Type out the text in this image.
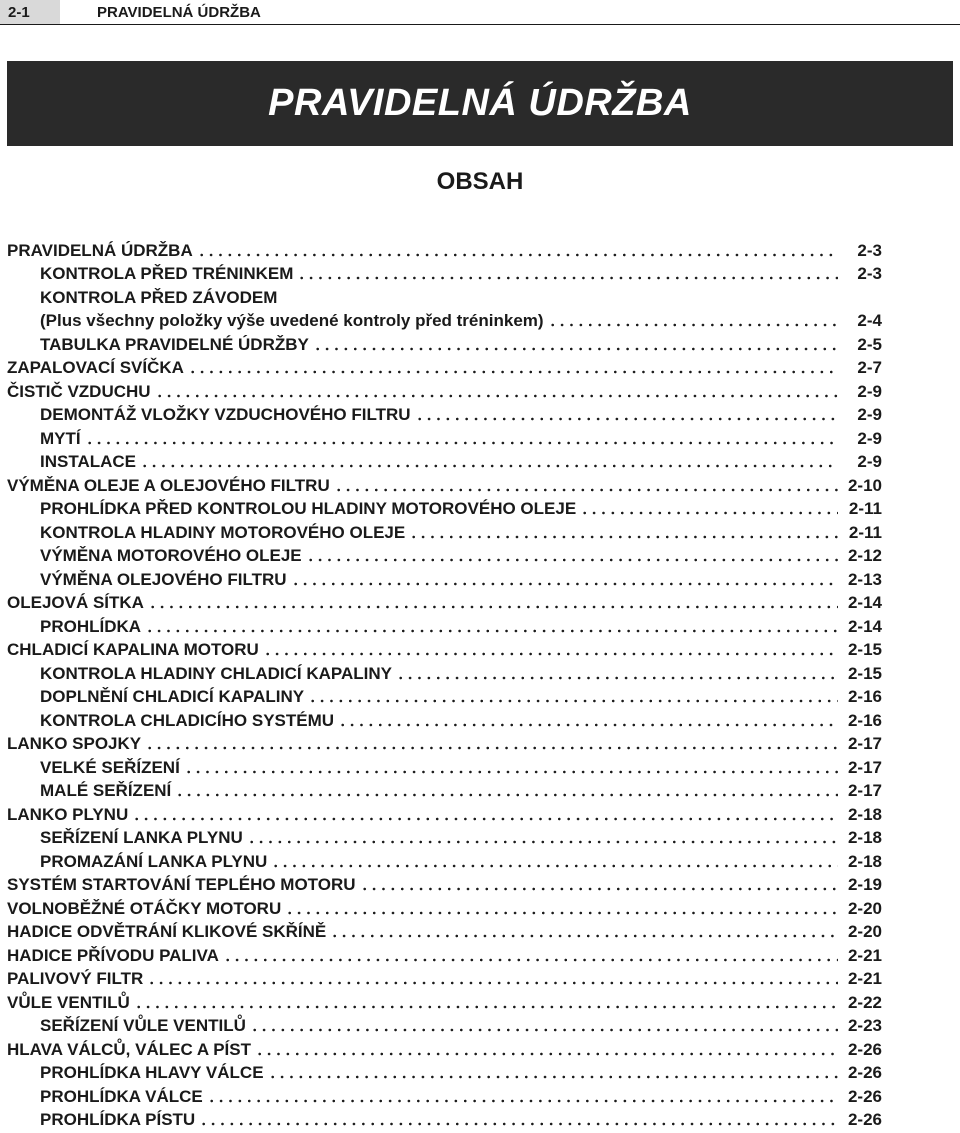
2-1	PRAVIDELNÁ ÚDRŽBA
PRAVIDELNÁ ÚDRŽBA
OBSAH
PRAVIDELNÁ ÚDRŽBA	2-3
KONTROLA PŘED TRÉNINKEM	2-3
KONTROLA PŘED ZÁVODEM
(Plus všechny položky výše uvedené kontroly před tréninkem)	2-4
TABULKA PRAVIDELNÉ ÚDRŽBY	2-5
ZAPALOVACÍ SVÍČKA	2-7
ČISTIČ VZDUCHU	2-9
DEMONTÁŽ VLOŽKY VZDUCHOVÉHO FILTRU	2-9
MYTÍ	2-9
INSTALACE	2-9
VÝMĚNA OLEJE A OLEJOVÉHO FILTRU	2-10
PROHLÍDKA PŘED KONTROLOU HLADINY MOTOROVÉHO OLEJE	2-11
KONTROLA HLADINY MOTOROVÉHO OLEJE	2-11
VÝMĚNA MOTOROVÉHO OLEJE	2-12
VÝMĚNA OLEJOVÉHO FILTRU	2-13
OLEJOVÁ SÍTKA	2-14
PROHLÍDKA	2-14
CHLADICÍ KAPALINA MOTORU	2-15
KONTROLA HLADINY CHLADICÍ KAPALINY	2-15
DOPLNĚNÍ CHLADICÍ KAPALINY	2-16
KONTROLA CHLADICÍHO SYSTÉMU	2-16
LANKO SPOJKY	2-17
VELKÉ SEŘÍZENÍ	2-17
MALÉ SEŘÍZENÍ	2-17
LANKO PLYNU	2-18
SEŘÍZENÍ LANKA PLYNU	2-18
PROMAZÁNÍ LANKA PLYNU	2-18
SYSTÉM STARTOVÁNÍ TEPLÉHO MOTORU	2-19
VOLNOBĚŽNÉ OTÁČKY MOTORU	2-20
HADICE ODVĚTRÁNÍ KLIKOVÉ SKŘÍNĚ	2-20
HADICE PŘÍVODU PALIVA	2-21
PALIVOVÝ FILTR	2-21
VŮLE VENTILŮ	2-22
SEŘÍZENÍ VŮLE VENTILŮ	2-23
HLAVA VÁLCŮ, VÁLEC A PÍST	2-26
PROHLÍDKA HLAVY VÁLCE	2-26
PROHLÍDKA VÁLCE	2-26
PROHLÍDKA PÍSTU	2-26
